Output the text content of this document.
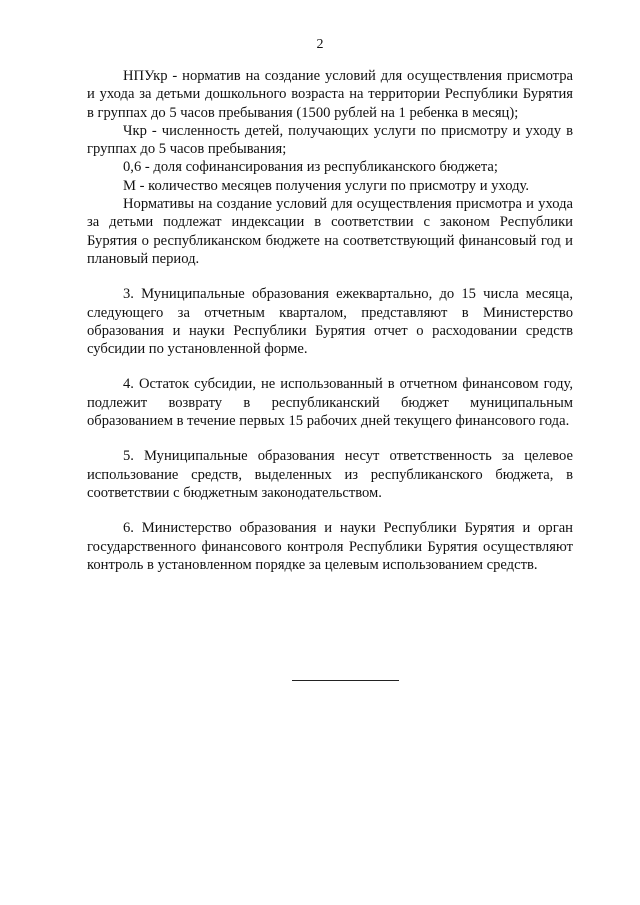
2

НПУкр - норматив на создание условий для осуществления присмотра и ухода за детьми дошкольного возраста на территории Республики Бурятия в группах до 5 часов пребывания (1500 рублей на 1 ребенка в месяц);

Чкр - численность детей, получающих услуги по присмотру и уходу в группах до 5 часов пребывания;

0,6 - доля софинансирования из республиканского бюджета;

М - количество месяцев получения услуги по присмотру и уходу.

Нормативы на создание условий для осуществления присмотра и ухода за детьми подлежат индексации в соответствии с законом Республики Бурятия о республиканском бюджете на соответствующий финансовый год и плановый период.

3. Муниципальные образования ежеквартально, до 15 числа месяца, следующего за отчетным кварталом, представляют в Министерство образования и науки Республики Бурятия отчет о расходовании средств субсидии по установленной форме.

4. Остаток субсидии, не использованный в отчетном финансовом году, подлежит возврату в республиканский бюджет муниципальным образованием в течение первых 15 рабочих дней текущего финансового года.

5. Муниципальные образования несут ответственность за целевое использование средств, выделенных из республиканского бюджета, в соответствии с бюджетным законодательством.

6. Министерство образования и науки Республики Бурятия и орган государственного финансового контроля Республики Бурятия осуществляют контроль в установленном порядке за целевым использованием средств.
